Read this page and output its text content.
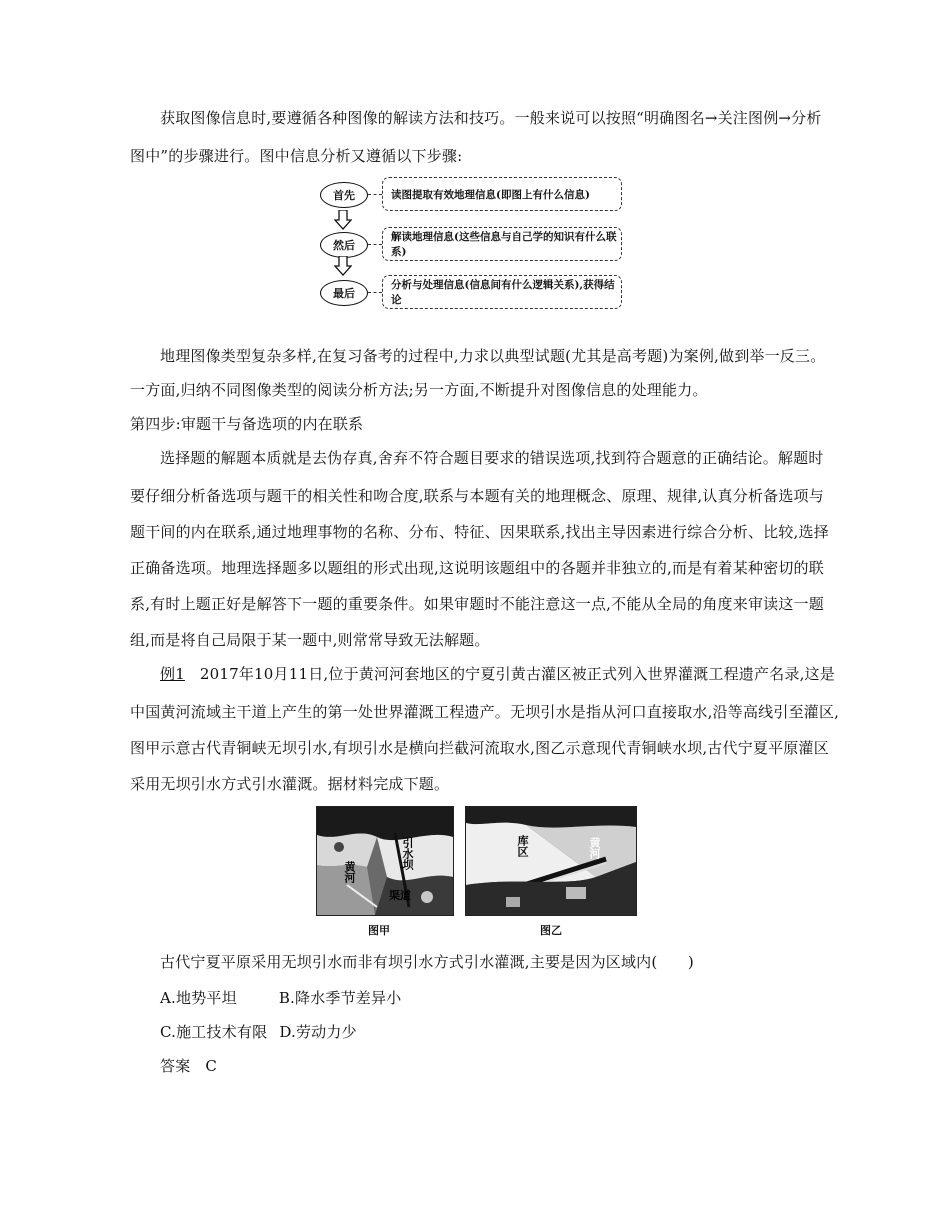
获取图像信息时,要遵循各种图像的解读方法和技巧。一般来说可以按照“明确图名→关注图例→分析
图中”的步骤进行。图中信息分析又遵循以下步骤:
首先	读图提取有效地理信息(即图上有什么信息)
然后
解读地理信息(这些信息与自己学的知识有什么联系)
最后
分析与处理信息(信息间有什么逻辑关系),获得结论
地理图像类型复杂多样,在复习备考的过程中,力求以典型试题(尤其是高考题)为案例,做到举一反三。
一方面,归纳不同图像类型的阅读分析方法;另一方面,不断提升对图像信息的处理能力。
第四步:审题干与备选项的内在联系
选择题的解题本质就是去伪存真,舍弃不符合题目要求的错误选项,找到符合题意的正确结论。解题时
要仔细分析备选项与题干的相关性和吻合度,联系与本题有关的地理概念、原理、规律,认真分析备选项与
题干间的内在联系,通过地理事物的名称、分布、特征、因果联系,找出主导因素进行综合分析、比较,选择
正确备选项。地理选择题多以题组的形式出现,这说明该题组中的各题并非独立的,而是有着某种密切的联
系,有时上题正好是解答下一题的重要条件。如果审题时不能注意这一点,不能从全局的角度来审读这一题
组,而是将自己局限于某一题中,则常常导致无法解题。
例1 2017年10月11日,位于黄河河套地区的宁夏引黄古灌区被正式列入世界灌溉工程遗产名录,这是
中国黄河流域主干道上产生的第一处世界灌溉工程遗产。无坝引水是指从河口直接取水,沿等高线引至灌区,
图甲示意古代青铜峡无坝引水,有坝引水是横向拦截河流取水,图乙示意现代青铜峡水坝,古代宁夏平原灌区
采用无坝引水方式引水灌溉。据材料完成下题。
引水坝
黄河
渠道
图甲
库区	黄河
图乙
古代宁夏平原采用无坝引水而非有坝引水方式引水灌溉,主要是因为区域内(　　)
A.地势平坦	B.降水季节差异小
C.施工技术有限 D.劳动力少
答案 C
